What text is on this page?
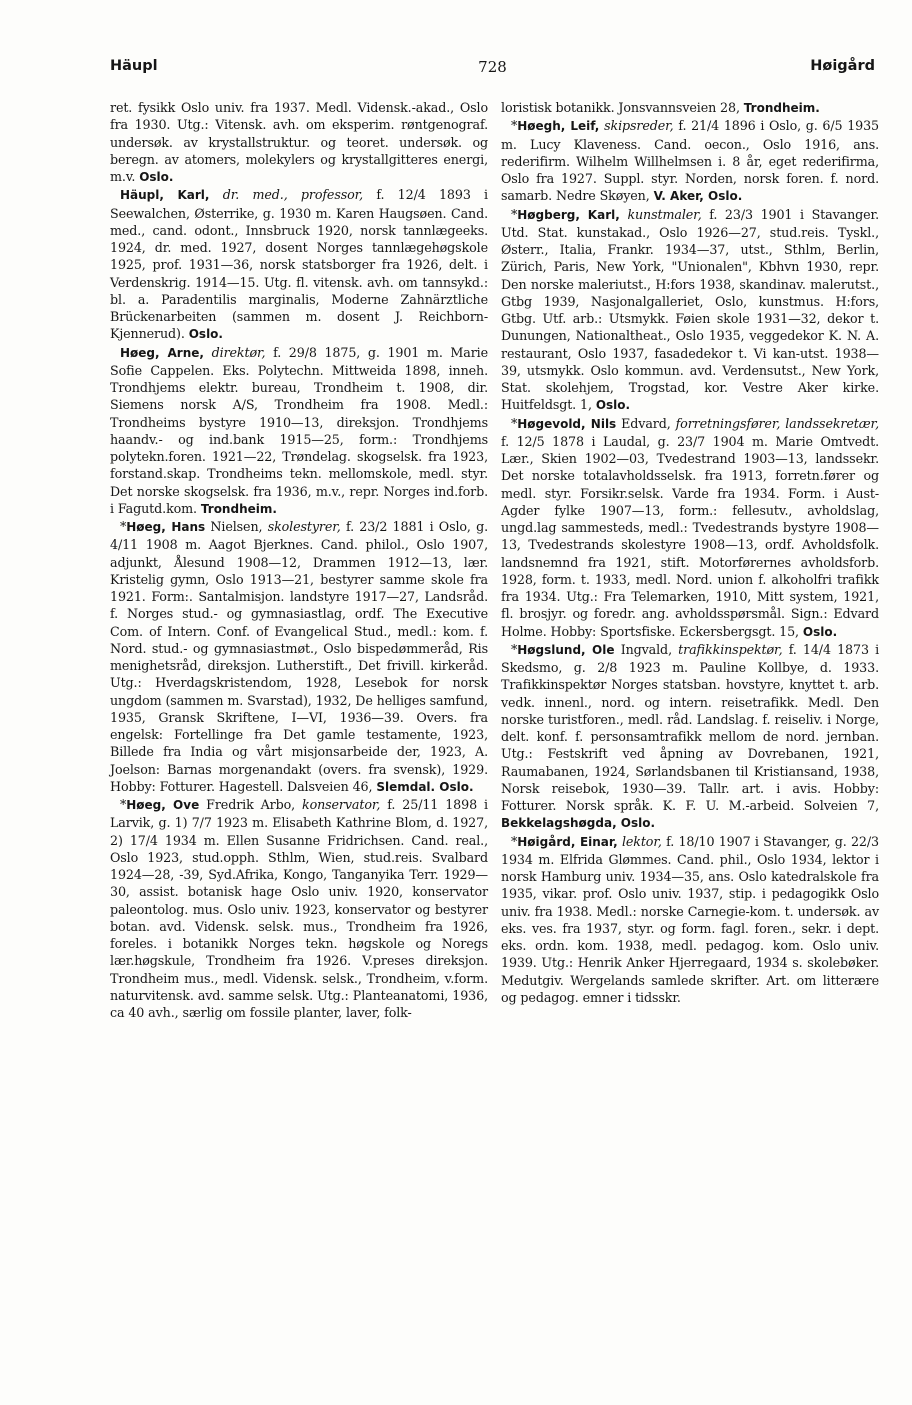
Häupl	728	Høigård

ret. fysikk Oslo univ. fra 1937. Medl. Vidensk.-akad., Oslo fra 1930. Utg.: Vitensk. avh. om eksperim. røntgenograf. undersøk. av krystallstruktur. og teoret. undersøk. og beregn. av atomers, molekylers og krystallgitteres energi, m.v. Oslo.

Häupl, Karl, dr. med., professor, f. 12/4 1893 i Seewalchen, Østerrike, g. 1930 m. Karen Haugsøen. Cand. med., cand. odont., Innsbruck 1920, norsk tannlægeeks. 1924, dr. med. 1927, dosent Norges tannlægehøgskole 1925, prof. 1931—36, norsk statsborger fra 1926, delt. i Verdenskrig. 1914—15. Utg. fl. vitensk. avh. om tannsykd.: bl. a. Paradentilis marginalis, Moderne Zahnärztliche Brückenarbeiten (sammen m. dosent J. Reichborn-Kjennerud). Oslo.

Høeg, Arne, direktør, f. 29/8 1875, g. 1901 m. Marie Sofie Cappelen. Eks. Polytechn. Mittweida 1898, inneh. Trondhjems elektr. bureau, Trondheim t. 1908, dir. Siemens norsk A/S, Trondheim fra 1908. Medl.: Trondheims bystyre 1910—13, direksjon. Trondhjems haandv.- og ind.bank 1915—25, form.: Trondhjems polytekn.foren. 1921—22, Trøndelag. skogselsk. fra 1923, forstand.skap. Trondheims tekn. mellomskole, medl. styr. Det norske skogselsk. fra 1936, m.v., repr. Norges ind.forb. i Fagutd.kom. Trondheim.

*Høeg, Hans Nielsen, skolestyrer, f. 23/2 1881 i Oslo, g. 4/11 1908 m. Aagot Bjerknes. Cand. philol., Oslo 1907, adjunkt, Ålesund 1908—12, Drammen 1912—13, lær. Kristelig gymn, Oslo 1913—21, bestyrer samme skole fra 1921. Form:. Santalmisjon. landstyre 1917—27, Landsråd. f. Norges stud.- og gymnasiastlag, ordf. The Executive Com. of Intern. Conf. of Evangelical Stud., medl.: kom. f. Nord. stud.- og gymnasiastmøt., Oslo bispedømmeråd, Ris menighetsråd, direksjon. Lutherstift., Det frivill. kirkeråd. Utg.: Hverdagskristendom, 1928, Lesebok for norsk ungdom (sammen m. Svarstad), 1932, De helliges samfund, 1935, Gransk Skriftene, I—VI, 1936—39. Overs. fra engelsk: Fortellinge fra Det gamle testamente, 1923, Billede fra India og vårt misjonsarbeide der, 1923, A. Joelson: Barnas morgenandakt (overs. fra svensk), 1929. Hobby: Fotturer. Hagestell. Dalsveien 46, Slemdal. Oslo.

*Høeg, Ove Fredrik Arbo, konservator, f. 25/11 1898 i Larvik, g. 1) 7/7 1923 m. Elisabeth Kathrine Blom, d. 1927, 2) 17/4 1934 m. Ellen Susanne Fridrichsen. Cand. real., Oslo 1923, stud.opph. Sthlm, Wien, stud.reis. Svalbard 1924—28, -39, Syd.Afrika, Kongo, Tanganyika Terr. 1929—30, assist. botanisk hage Oslo univ. 1920, konservator paleontolog. mus. Oslo univ. 1923, konservator og bestyrer botan. avd. Vidensk. selsk. mus., Trondheim fra 1926, foreles. i botanikk Norges tekn. høgskole og Noregs lær.høgskule, Trondheim fra 1926. V.preses direksjon. Trondheim mus., medl. Vidensk. selsk., Trondheim, v.form. naturvitensk. avd. samme selsk. Utg.: Planteanatomi, 1936, ca 40 avh., særlig om fossile planter, laver, folk-

loristisk botanikk. Jonsvannsveien 28, Trondheim.

*Høegh, Leif, skipsreder, f. 21/4 1896 i Oslo, g. 6/5 1935 m. Lucy Klaveness. Cand. oecon., Oslo 1916, ans. rederifirm. Wilhelm Willhelmsen i. 8 år, eget rederifirma, Oslo fra 1927. Suppl. styr. Norden, norsk foren. f. nord. samarb. Nedre Skøyen, V. Aker, Oslo.

*Høgberg, Karl, kunstmaler, f. 23/3 1901 i Stavanger. Utd. Stat. kunstakad., Oslo 1926—27, stud.reis. Tyskl., Østerr., Italia, Frankr. 1934—37, utst., Sthlm, Berlin, Zürich, Paris, New York, "Unionalen", Kbhvn 1930, repr. Den norske maleriutst., H:fors 1938, skandinav. malerutst., Gtbg 1939, Nasjonalgalleriet, Oslo, kunstmus. H:fors, Gtbg. Utf. arb.: Utsmykk. Føien skole 1931—32, dekor t. Dunungen, Nationaltheat., Oslo 1935, veggedekor K. N. A. restaurant, Oslo 1937, fasadedekor t. Vi kan-utst. 1938—39, utsmykk. Oslo kommun. avd. Verdensutst., New York, Stat. skolehjem, Trogstad, kor. Vestre Aker kirke. Huitfeldsgt. 1, Oslo.

*Høgevold, Nils Edvard, forretningsfører, landssekretær, f. 12/5 1878 i Laudal, g. 23/7 1904 m. Marie Omtvedt. Lær., Skien 1902—03, Tvedestrand 1903—13, landssekr. Det norske totalavholdsselsk. fra 1913, forretn.fører og medl. styr. Forsikr.selsk. Varde fra 1934. Form. i Aust-Agder fylke 1907—13, form.: fellesutv., avholdslag, ungd.lag sammesteds, medl.: Tvedestrands bystyre 1908—13, Tvedestrands skolestyre 1908—13, ordf. Avholdsfolk. landsnemnd fra 1921, stift. Motorførernes avholdsforb. 1928, form. t. 1933, medl. Nord. union f. alkoholfri trafikk fra 1934. Utg.: Fra Telemarken, 1910, Mitt system, 1921, fl. brosjyr. og foredr. ang. avholdsspørsmål. Sign.: Edvard Holme. Hobby: Sportsfiske. Eckersbergsgt. 15, Oslo.

*Høgslund, Ole Ingvald, trafikkinspektør, f. 14/4 1873 i Skedsmo, g. 2/8 1923 m. Pauline Kollbye, d. 1933. Trafikkinspektør Norges statsban. hovstyre, knyttet t. arb. vedk. innenl., nord. og intern. reisetrafikk. Medl. Den norske turistforen., medl. råd. Landslag. f. reiseliv. i Norge, delt. konf. f. personsamtrafikk mellom de nord. jernban. Utg.: Festskrift ved åpning av Dovrebanen, 1921, Raumabanen, 1924, Sørlandsbanen til Kristiansand, 1938, Norsk reisebok, 1930—39. Tallr. art. i avis. Hobby: Fotturer. Norsk språk. K. F. U. M.-arbeid. Solveien 7, Bekkelagshøgda, Oslo.

*Høigård, Einar, lektor, f. 18/10 1907 i Stavanger, g. 22/3 1934 m. Elfrida Glømmes. Cand. phil., Oslo 1934, lektor i norsk Hamburg univ. 1934—35, ans. Oslo katedralskole fra 1935, vikar. prof. Oslo univ. 1937, stip. i pedagogikk Oslo univ. fra 1938. Medl.: norske Carnegie-kom. t. undersøk. av eks. ves. fra 1937, styr. og form. fagl. foren., sekr. i dept. eks. ordn. kom. 1938, medl. pedagog. kom. Oslo univ. 1939. Utg.: Henrik Anker Hjerregaard, 1934 s. skolebøker. Medutgiv. Wergelands samlede skrifter. Art. om litterære og pedagog. emner i tidsskr.
